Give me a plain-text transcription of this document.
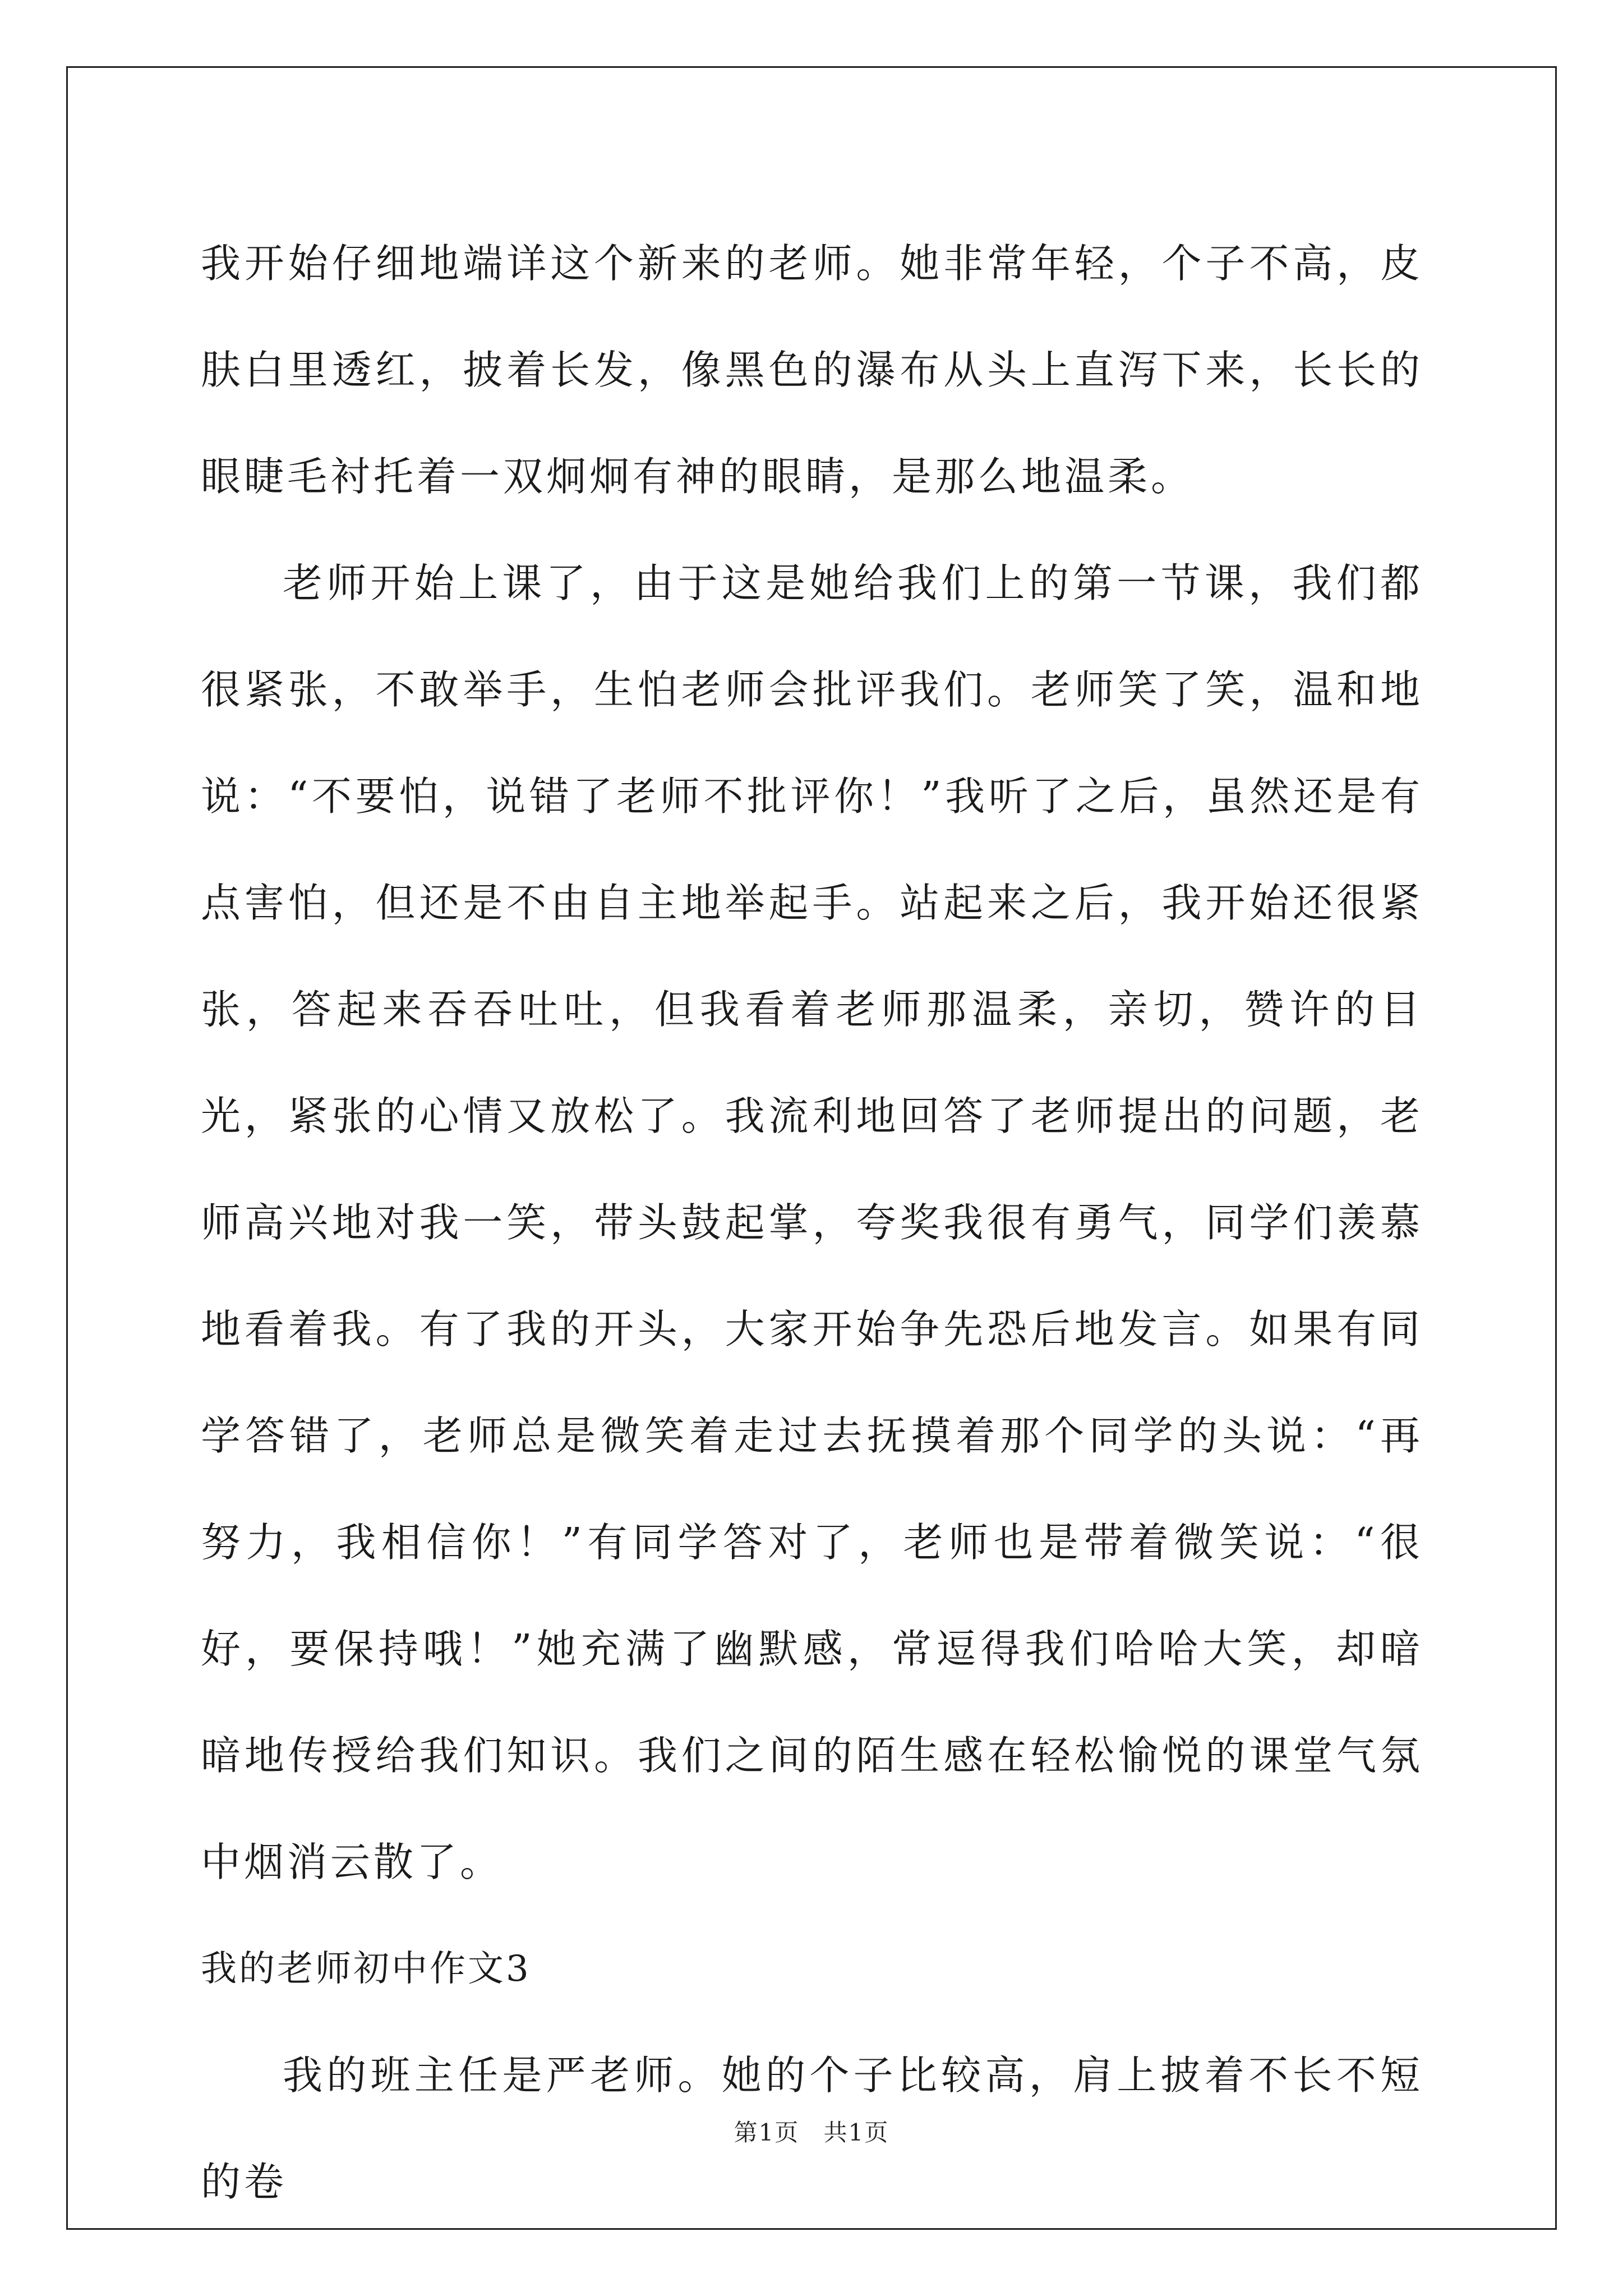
我开始仔细地端详这个新来的老师。她非常年轻，个子不高，皮肤白里透红，披着长发，像黑色的瀑布从头上直泻下来，长长的眼睫毛衬托着一双炯炯有神的眼睛，是那么地温柔。

老师开始上课了，由于这是她给我们上的第一节课，我们都很紧张，不敢举手，生怕老师会批评我们。老师笑了笑，温和地说：“不要怕，说错了老师不批评你！”我听了之后，虽然还是有点害怕，但还是不由自主地举起手。站起来之后，我开始还很紧张，答起来吞吞吐吐，但我看着老师那温柔，亲切，赞许的目光，紧张的心情又放松了。我流利地回答了老师提出的问题，老师高兴地对我一笑，带头鼓起掌，夸奖我很有勇气，同学们羡慕地看着我。有了我的开头，大家开始争先恐后地发言。如果有同学答错了，老师总是微笑着走过去抚摸着那个同学的头说：“再努力，我相信你！”有同学答对了，老师也是带着微笑说：“很好，要保持哦！”她充满了幽默感，常逗得我们哈哈大笑，却暗暗地传授给我们知识。我们之间的陌生感在轻松愉悦的课堂气氛中烟消云散了。

我的老师初中作文3

我的班主任是严老师。她的个子比较高，肩上披着不长不短的卷

第1页 共1页
